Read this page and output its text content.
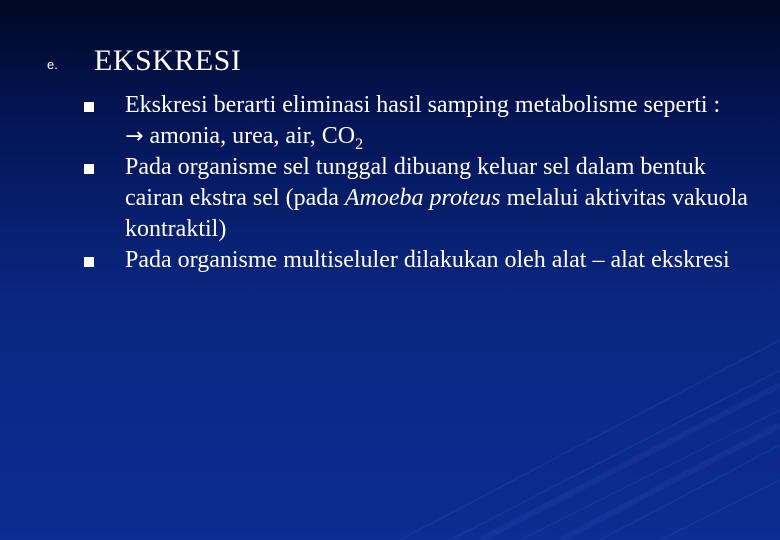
e. EKSKRESI
Ekskresi berarti eliminasi hasil samping metabolisme seperti :
→ amonia, urea, air, $CO_2$
Pada organisme sel tunggal dibuang keluar sel dalam bentuk cairan ekstra sel (pada Amoeba proteus melalui aktivitas vakuola kontraktil)
Pada organisme multiseluler dilakukan oleh alat – alat ekskresi
